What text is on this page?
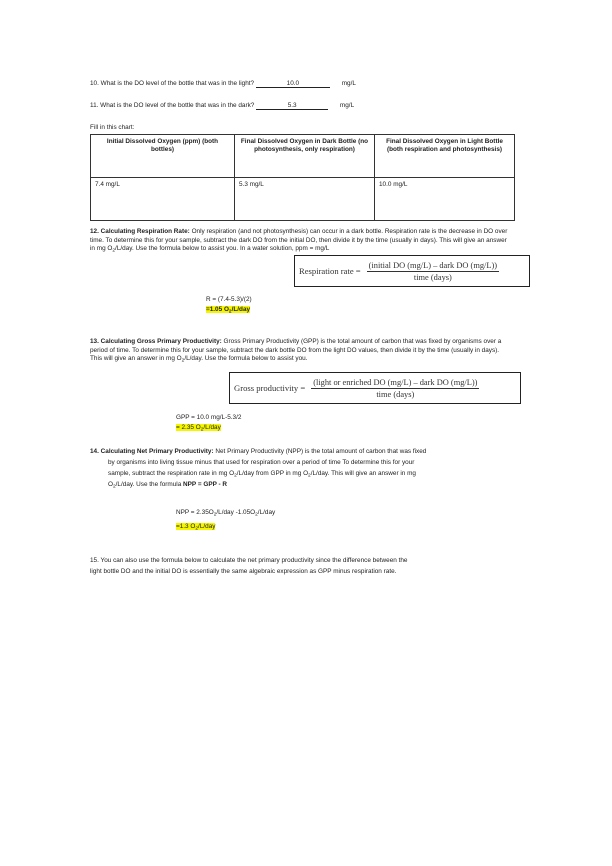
10. What is the DO level of the bottle that was in the light?	10.0	mg/L
11. What is the DO level of the bottle that was in the dark?	5.3	mg/L
Fill in this chart:
Initial Dissolved Oxygen (ppm) (both bottles)	Final Dissolved Oxygen in Dark Bottle (no photosynthesis, only respiration)	Final Dissolved Oxygen in Light Bottle (both respiration and photosynthesis)
7.4 mg/L	5.3 mg/L	10.0 mg/L
12. Calculating Respiration Rate: Only respiration (and not photosynthesis) can occur in a dark bottle. Respiration rate is the decrease in DO over time. To determine this for your sample, subtract the dark DO from the initial DO, then divide it by the time (usually in days). This will give an answer in mg $O_2/L$/day. Use the formula below to assist you. In a water solution, ppm = mg/L
Respiration rate = $\frac{\text{(initial DO (mg/L) – dark DO (mg/L))}}{\text{time (days)}}$
R = (7.4-5.3)/(2)
=1.05 $O_2/L$/day
13. Calculating Gross Primary Productivity: Gross Primary Productivity (GPP) is the total amount of carbon that was fixed by organisms over a period of time. To determine this for your sample, subtract the dark bottle DO from the light DO values, then divide it by the time (usually in days). This will give an answer in mg $O_2/L$/day. Use the formula below to assist you.
Gross productivity = $\frac{\text{(light or enriched DO (mg/L) – dark DO (mg/L))}}{\text{time (days)}}$
GPP = 10.0 mg/L-5.3/2
= 2.35 $O_2/L$/day
14. Calculating Net Primary Productivity: Net Primary Productivity (NPP) is the total amount of carbon that was fixed
by organisms into living tissue minus that used for respiration over a period of time To determine this for your
sample, subtract the respiration rate in mg $O_2/L$/day from GPP in mg $O_2/L$/day. This will give an answer in mg
$O_2/L$/day. Use the formula NPP = GPP - R
NPP = $2.35O_2/L$/day $-1.05O_2/L$/day
=1.3 $O_2/L$/day
15. You can also use the formula below to calculate the net primary productivity since the difference between the
light bottle DO and the initial DO is essentially the same algebraic expression as GPP minus respiration rate.
